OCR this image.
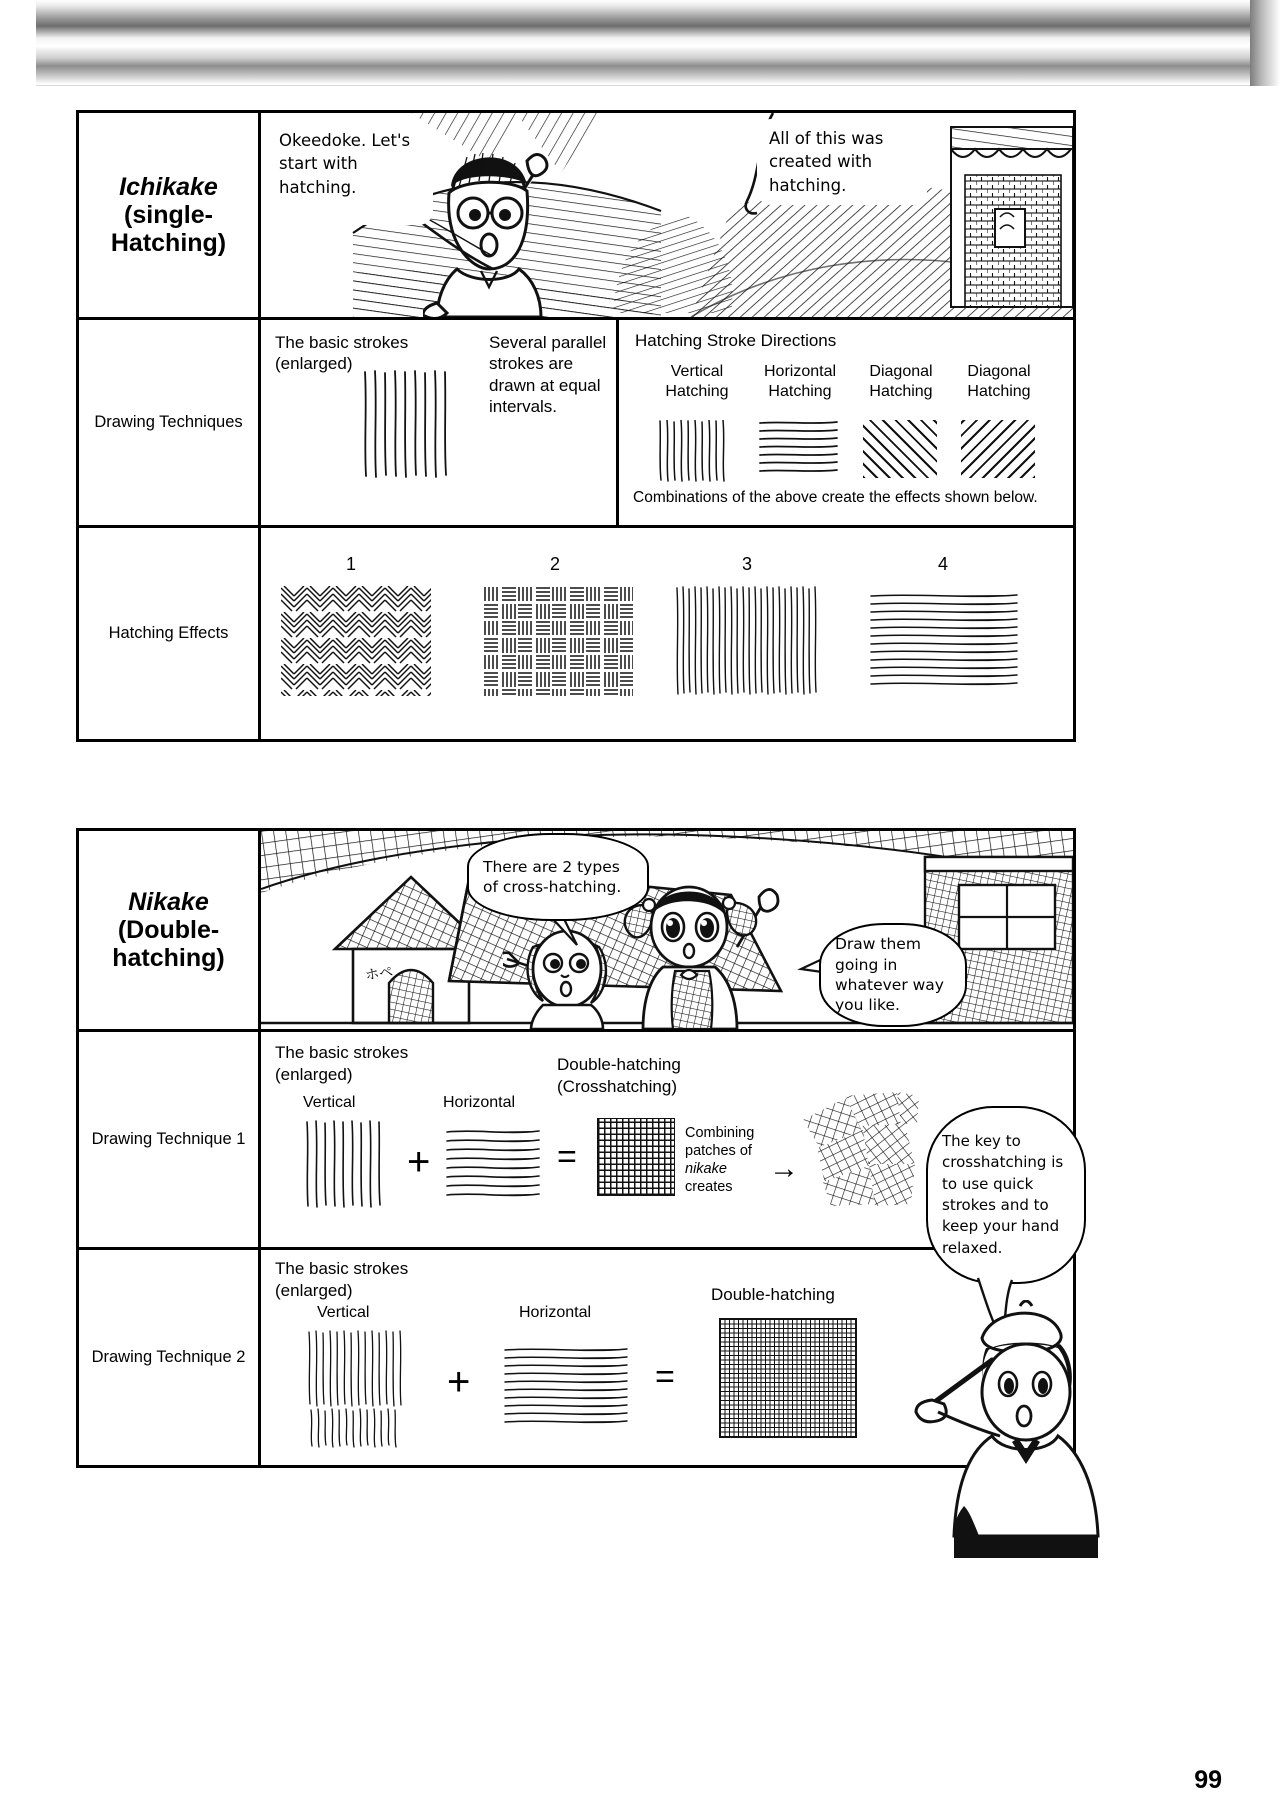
Ichikake
(single-Hatching)
Okeedoke. Let's start with hatching.
All of this was created with hatching.
Drawing Techniques
The basic strokes
(enlarged)
Several parallel strokes are drawn at equal intervals.
Hatching Stroke Directions
Vertical Hatching
Horizontal Hatching
Diagonal Hatching
Diagonal Hatching
Combinations of the above create the effects shown below.
Hatching Effects
1	2	3	4
Nikake
(Double-hatching)
ホペ
There are 2 types of cross-hatching.
Draw them going in whatever way you like.
Drawing Technique 1
The basic strokes
(enlarged)
Vertical
+
Horizontal
=
Double-hatching
(Crosshatching)
Combining
patches of
nikake
creates
→
Drawing Technique 2
The basic strokes
(enlarged)
Vertical
+
Horizontal
=
Double-hatching
The key to crosshatching is to use quick strokes and to keep your hand relaxed.
99
